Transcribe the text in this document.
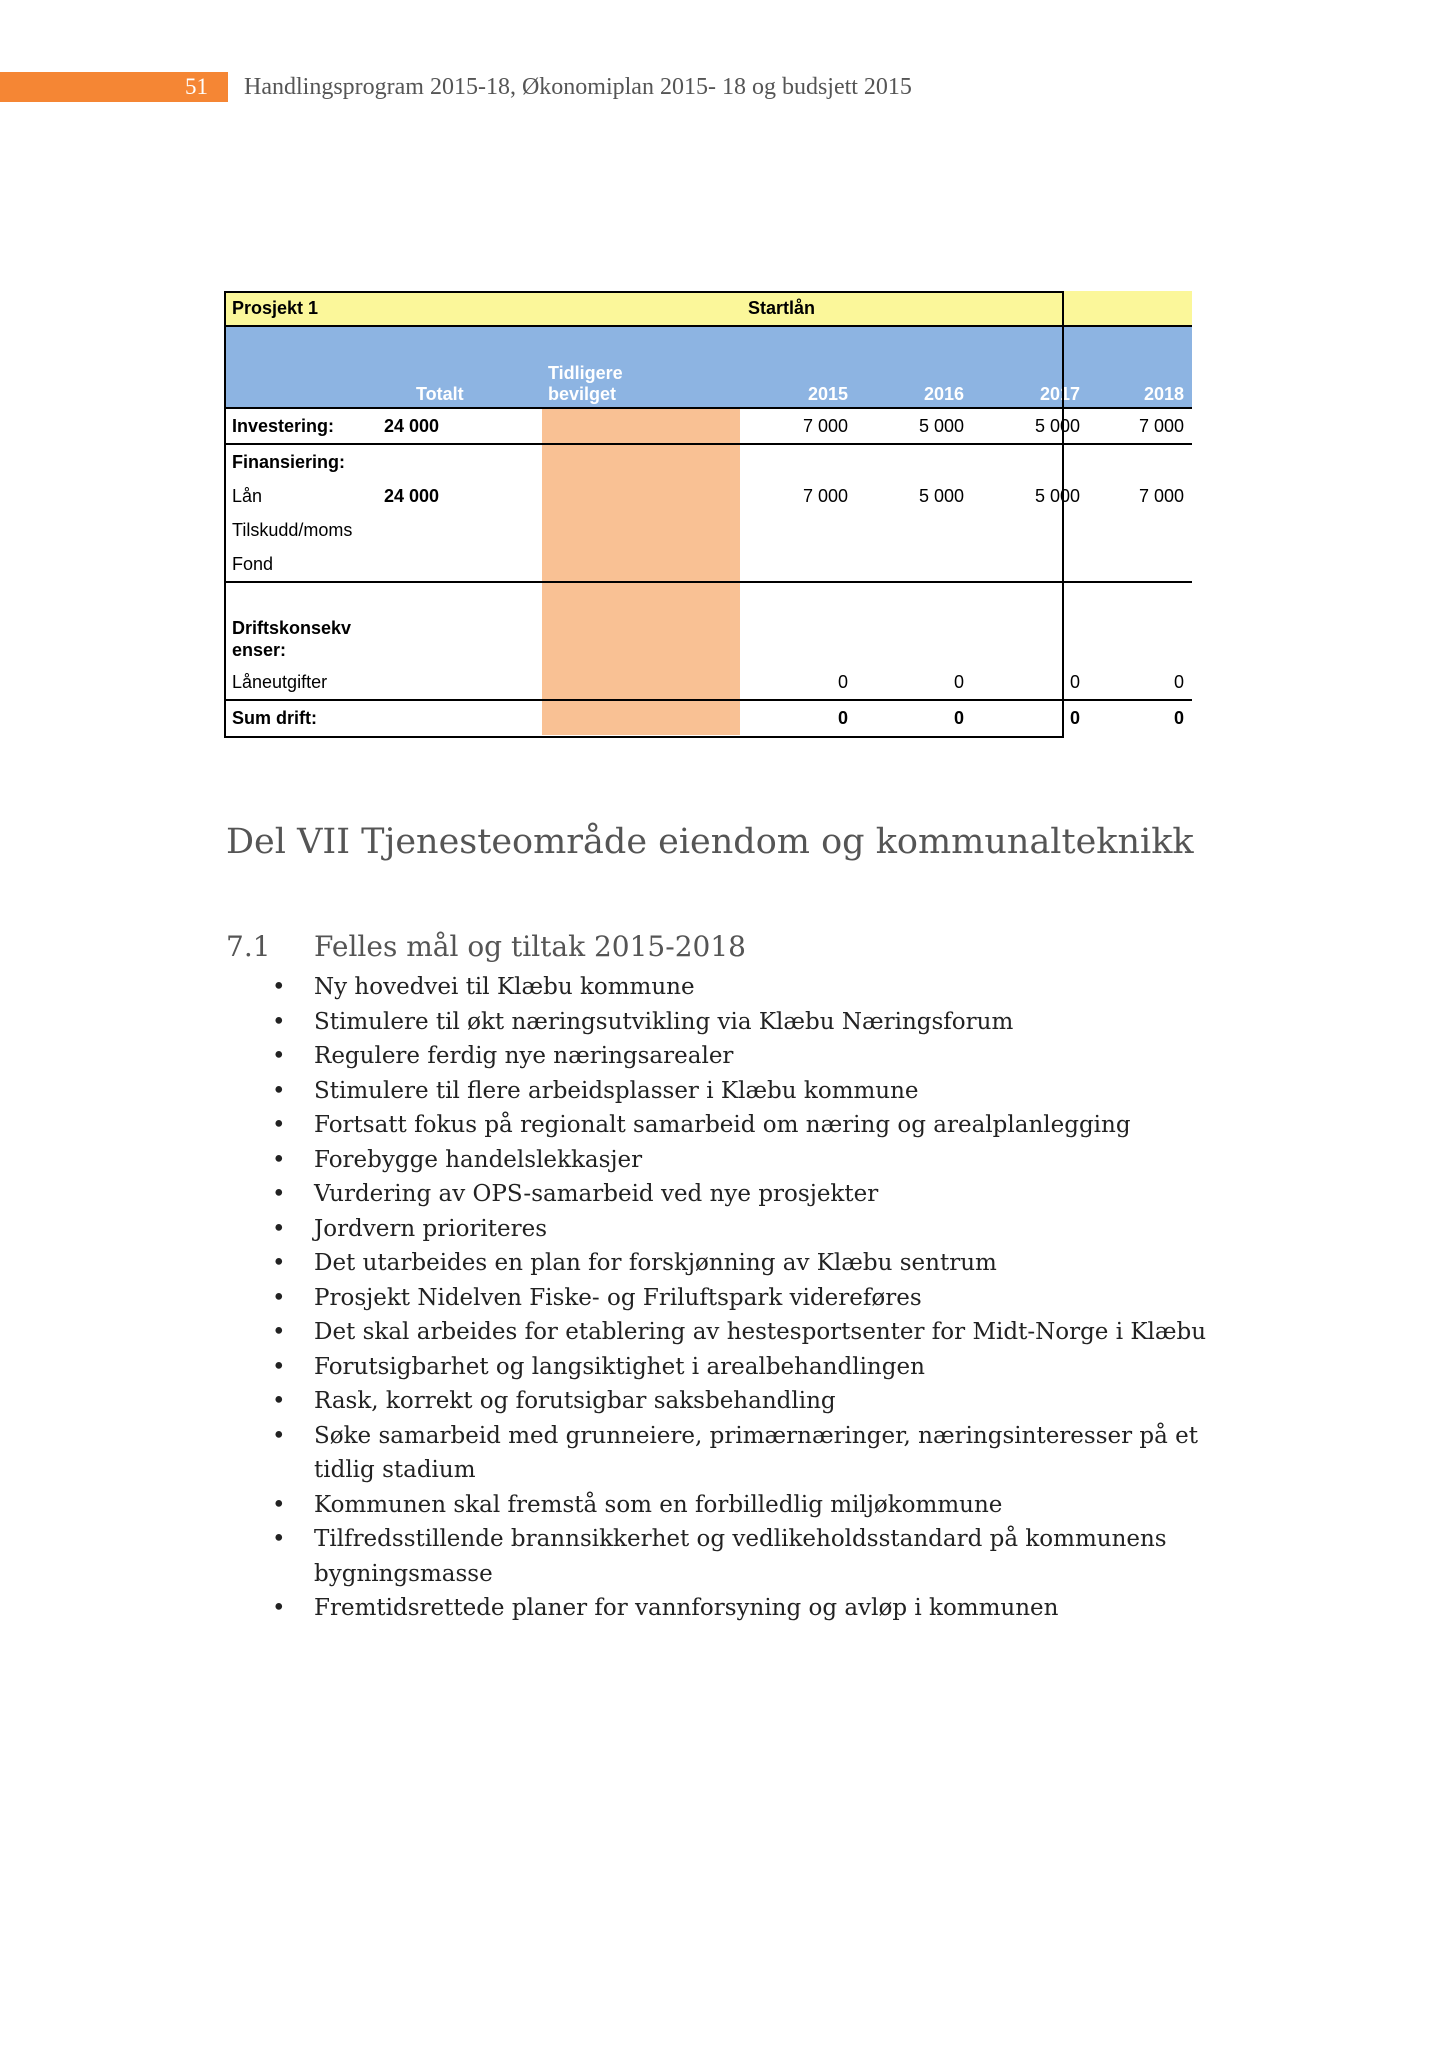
51	Handlingsprogram 2015-18, Økonomiplan 2015- 18 og budsjett 2015
Prosjekt 1			Startlån			

	Totalt	Tidligere bevilget	2015	2016	2017	2018
Investering:	24 000		7 000	5 000	5 000	7 000
Finansiering:						
Lån	24 000		7 000	5 000	5 000	7 000
Tilskudd/moms						
Fond						
Driftskonsekv enser:						
Låneutgifter			0	0	0	0
Sum drift:			0	0	0	0
Del VII Tjenesteområde eiendom og kommunalteknikk
7.1	Felles mål og tiltak 2015-2018
•	Ny hovedvei til Klæbu kommune
•	Stimulere til økt næringsutvikling via Klæbu Næringsforum
•	Regulere ferdig nye næringsarealer
•	Stimulere til flere arbeidsplasser i Klæbu kommune
•	Fortsatt fokus på regionalt samarbeid om næring og arealplanlegging
•	Forebygge handelslekkasjer
•	Vurdering av OPS-samarbeid ved nye prosjekter
•	Jordvern prioriteres
•	Det utarbeides en plan for forskjønning av Klæbu sentrum
•	Prosjekt Nidelven Fiske- og Friluftspark videreføres
•	Det skal arbeides for etablering av hestesportsenter for Midt-Norge i Klæbu
•	Forutsigbarhet og langsiktighet i arealbehandlingen
•	Rask, korrekt og forutsigbar saksbehandling
•	Søke samarbeid med grunneiere, primærnæringer, næringsinteresser på et tidlig stadium
•	Kommunen skal fremstå som en forbilledlig miljøkommune
•	Tilfredsstillende brannsikkerhet og vedlikeholdsstandard på kommunens bygningsmasse
•	Fremtidsrettede planer for vannforsyning og avløp i kommunen
